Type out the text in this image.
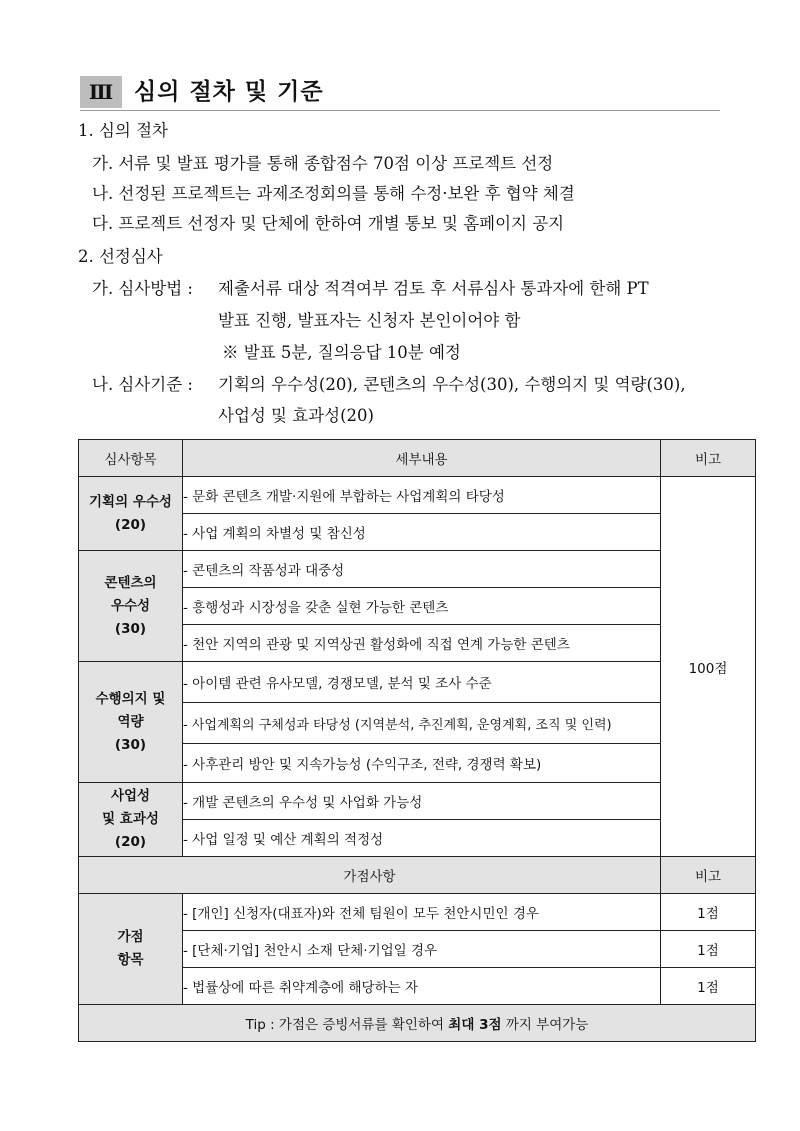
Ⅲ 심의 절차 및 기준
1. 심의 절차
가. 서류 및 발표 평가를 통해 종합점수 70점 이상 프로젝트 선정
나. 선정된 프로젝트는 과제조정회의를 통해 수정·보완 후 협약 체결
다. 프로젝트 선정자 및 단체에 한하여 개별 통보 및 홈페이지 공지
2. 선정심사
가. 심사방법 : 제출서류 대상 적격여부 검토 후 서류심사 통과자에 한해 PT
발표 진행, 발표자는 신청자 본인이어야 함
※ 발표 5분, 질의응답 10분 예정
나. 심사기준 : 기획의 우수성(20), 콘텐츠의 우수성(30), 수행의지 및 역량(30),
사업성 및 효과성(20)
심사항목	세부내용	비고

기획의 우수성
(20)	- 문화 콘텐츠 개발·지원에 부합하는 사업계획의 타당성	100점
	- 사업 계획의 차별성 및 참신성	

콘텐츠의
우수성
(30)	- 콘텐츠의 작품성과 대중성	
	- 흥행성과 시장성을 갖춘 실현 가능한 콘텐츠	
	- 천안 지역의 관광 및 지역상권 활성화에 직접 연계 가능한 콘텐츠	

수행의지 및
역량
(30)	- 아이템 관련 유사모델, 경쟁모델, 분석 및 조사 수준	
	- 사업계획의 구체성과 타당성 (지역분석, 추진계획, 운영계획, 조직 및 인력)	
	- 사후관리 방안 및 지속가능성 (수익구조, 전략, 경쟁력 확보)	

사업성
및 효과성
(20)	- 개발 콘텐츠의 우수성 및 사업화 가능성	
	- 사업 일정 및 예산 계획의 적정성	
가점사항		비고

가점
항목	- [개인] 신청자(대표자)와 전체 팀원이 모두 천안시민인 경우	1점
	- [단체·기업] 천안시 소재 단체·기업일 경우	1점
	- 법률상에 따른 취약계층에 해당하는 자	1점
Tip : 가점은 증빙서류를 확인하여 최대 3점 까지 부여가능		
